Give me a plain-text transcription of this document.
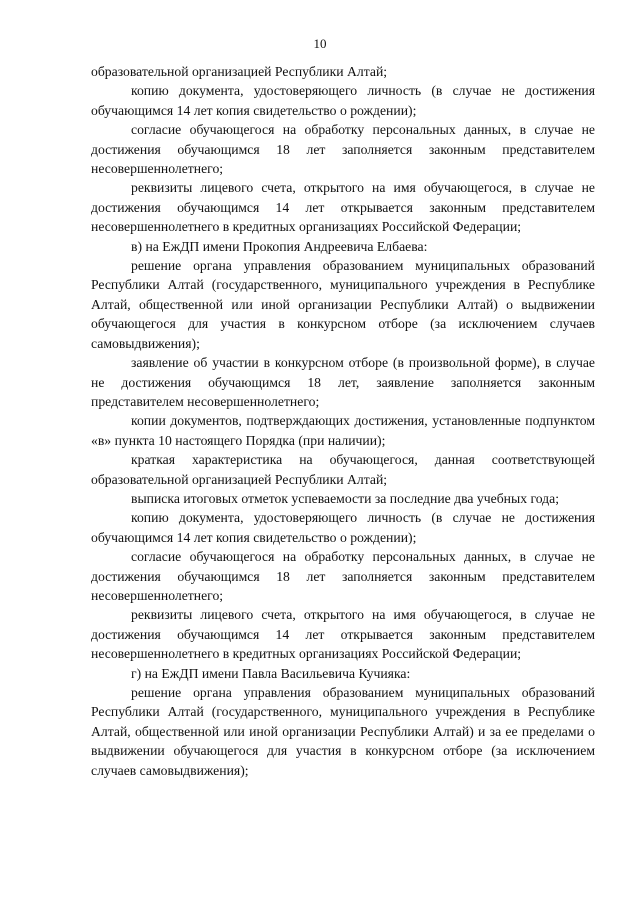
10

образовательной организацией Республики Алтай;

копию документа, удостоверяющего личность (в случае не достижения обучающимся 14 лет копия свидетельство о рождении);

согласие обучающегося на обработку персональных данных, в случае не достижения обучающимся 18 лет заполняется законным представителем несовершеннолетнего;

реквизиты лицевого счета, открытого на имя обучающегося, в случае не достижения обучающимся 14 лет открывается законным представителем несовершеннолетнего в кредитных организациях Российской Федерации;

в) на ЕжДП имени Прокопия Андреевича Елбаева:

решение органа управления образованием муниципальных образований Республики Алтай (государственного, муниципального учреждения в Республике Алтай, общественной или иной организации Республики Алтай) о выдвижении обучающегося для участия в конкурсном отборе (за исключением случаев самовыдвижения);

заявление об участии в конкурсном отборе (в произвольной форме), в случае не достижения обучающимся 18 лет, заявление заполняется законным представителем несовершеннолетнего;

копии документов, подтверждающих достижения, установленные подпунктом «в» пункта 10 настоящего Порядка (при наличии);

краткая характеристика на обучающегося, данная соответствующей образовательной организацией Республики Алтай;

выписка итоговых отметок успеваемости за последние два учебных года;

копию документа, удостоверяющего личность (в случае не достижения обучающимся 14 лет копия свидетельство о рождении);

согласие обучающегося на обработку персональных данных, в случае не достижения обучающимся 18 лет заполняется законным представителем несовершеннолетнего;

реквизиты лицевого счета, открытого на имя обучающегося, в случае не достижения обучающимся 14 лет открывается законным представителем несовершеннолетнего в кредитных организациях Российской Федерации;

г) на ЕжДП имени Павла Васильевича Кучияка:

решение органа управления образованием муниципальных образований Республики Алтай (государственного, муниципального учреждения в Республике Алтай, общественной или иной организации Республики Алтай) и за ее пределами о выдвижении обучающегося для участия в конкурсном отборе (за исключением случаев самовыдвижения);
